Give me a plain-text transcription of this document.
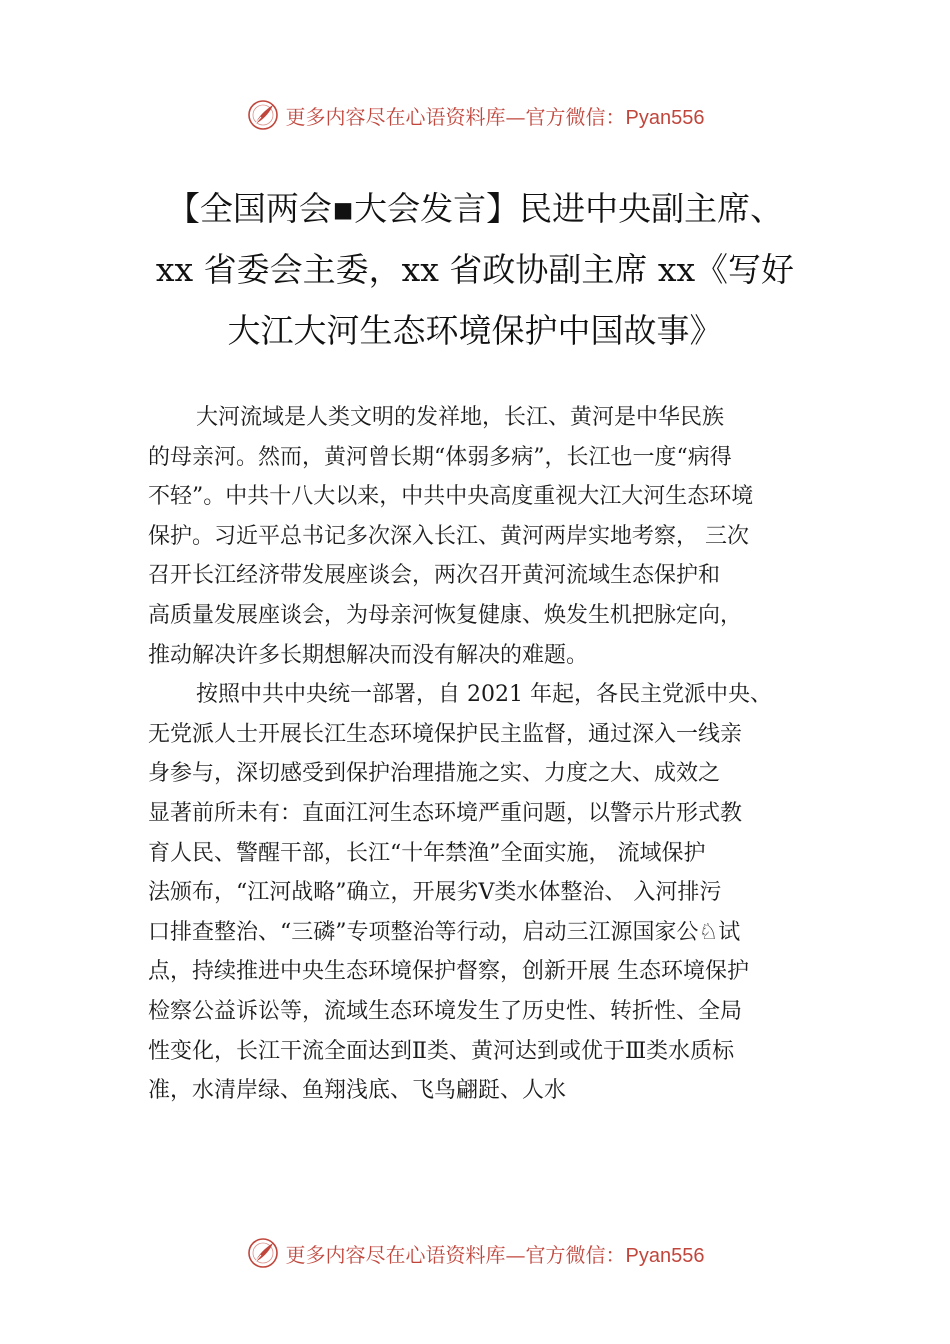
更多内容尽在心语资料库—官方微信：Pyan556
【全国两会▪大会发言】民进中央副主席、
xx 省委会主委，xx 省政协副主席 xx《写好
大江大河生态环境保护中国故事》
大河流域是人类文明的发祥地，长江、黄河是中华民族
的母亲河。然而，黄河曾长期“体弱多病”，长江也一度“病得
不轻”。中共十八大以来，中共中央高度重视大江大河生态环境
保护。习近平总书记多次深入长江、黄河两岸实地考察， 三次
召开长江经济带发展座谈会，两次召开黄河流域生态保护和
高质量发展座谈会，为母亲河恢复健康、焕发生机把脉定向，
推动解决许多长期想解决而没有解决的难题。
按照中共中央统一部署，自 2021 年起，各民主党派中央、
无党派人士开展长江生态环境保护民主监督，通过深入一线亲
身参与，深切感受到保护治理措施之实、力度之大、成效之
显著前所未有：直面江河生态环境严重问题，以警示片形式教
育人民、警醒干部，长江“十年禁渔”全面实施， 流域保护
法颁布，“江河战略”确立，开展劣Ⅴ类水体整治、 入河排污
口排查整治、“三磷”专项整治等行动，启动三江源国家公♘试
点，持续推进中央生态环境保护督察，创新开展 生态环境保护
检察公益诉讼等，流域生态环境发生了历史性、转折性、全局
性变化，长江干流全面达到Ⅱ类、黄河达到或优于Ⅲ类水质标
准，水清岸绿、鱼翔浅底、飞鸟翩跹、人水
更多内容尽在心语资料库—官方微信：Pyan556
